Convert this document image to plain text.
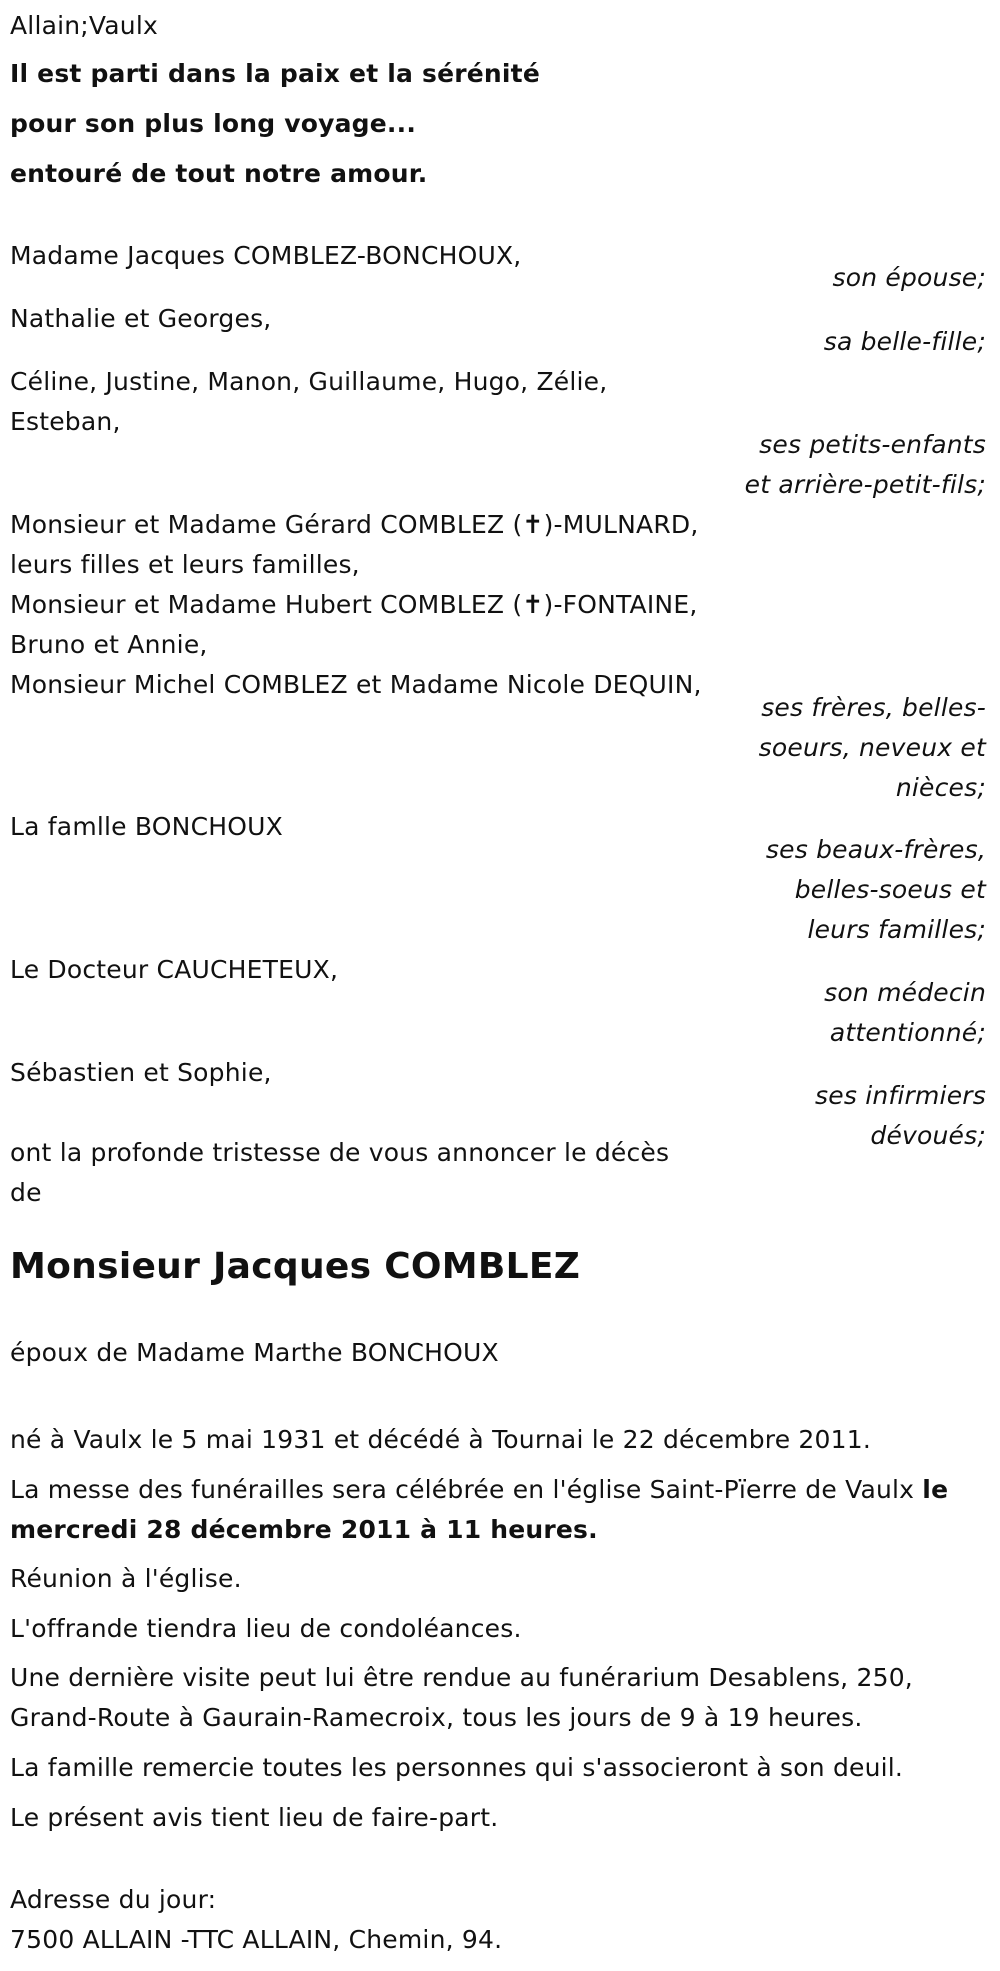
Allain;Vaulx
Il est parti dans la paix et la sérénité
pour son plus long voyage...
entouré de tout notre amour.
Madame Jacques COMBLEZ-BONCHOUX,
son épouse;
Nathalie et Georges,
sa belle-fille;
Céline, Justine, Manon, Guillaume, Hugo, Zélie,
Esteban,
ses petits-enfants
et arrière-petit-fils;
Monsieur et Madame Gérard COMBLEZ (✝)-MULNARD,
leurs filles et leurs familles,
Monsieur et Madame Hubert COMBLEZ (✝)-FONTAINE,
Bruno et Annie,
Monsieur Michel COMBLEZ et Madame Nicole DEQUIN,
ses frères, belles-
soeurs, neveux et
nièces;
La famlle BONCHOUX
ses beaux-frères,
belles-soeus et
leurs familles;
Le Docteur CAUCHETEUX,
son médecin
attentionné;
Sébastien et Sophie,
ses infirmiers
dévoués;
ont la profonde tristesse de vous annoncer le décès
de
Monsieur Jacques COMBLEZ
époux de Madame Marthe BONCHOUX
né à Vaulx le 5 mai 1931 et décédé à Tournai le 22 décembre 2011.
La messe des funérailles sera célébrée en l'église Saint-Pïerre de Vaulx le
mercredi 28 décembre 2011 à 11 heures.
Réunion à l'église.
L'offrande tiendra lieu de condoléances.
Une dernière visite peut lui être rendue au funérarium Desablens, 250,
Grand-Route à Gaurain-Ramecroix, tous les jours de 9 à 19 heures.
La famille remercie toutes les personnes qui s'associeront à son deuil.
Le présent avis tient lieu de faire-part.
Adresse du jour:
7500 ALLAIN -TTC ALLAIN, Chemin, 94.
